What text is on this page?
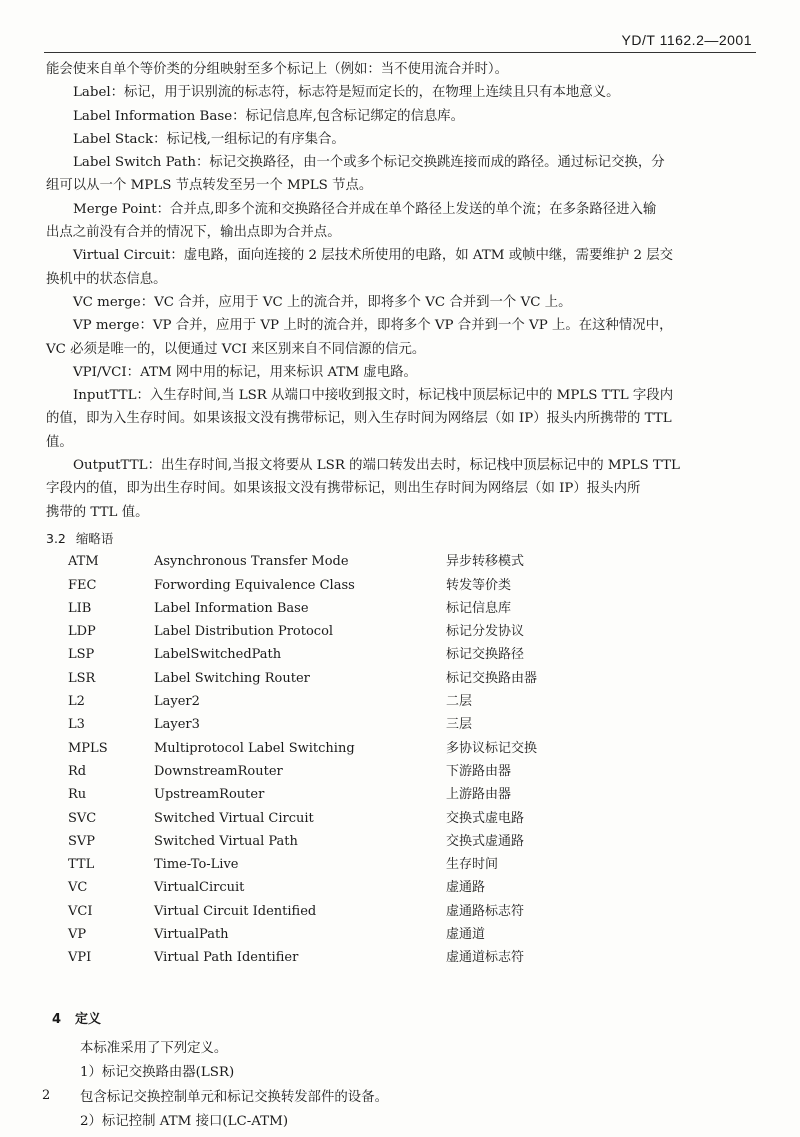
YD/T 1162.2—2001

能会使来自单个等价类的分组映射至多个标记上（例如：当不使用流合并时）。

Label：标记，用于识别流的标志符，标志符是短而定长的，在物理上连续且只有本地意义。

Label Information Base：标记信息库,包含标记绑定的信息库。

Label Stack：标记栈,一组标记的有序集合。

Label Switch Path：标记交换路径，由一个或多个标记交换跳连接而成的路径。通过标记交换，分

组可以从一个 MPLS 节点转发至另一个 MPLS 节点。

Merge Point：合并点,即多个流和交换路径合并成在单个路径上发送的单个流；在多条路径进入输

出点之前没有合并的情况下，输出点即为合并点。

Virtual Circuit：虚电路，面向连接的 2 层技术所使用的电路，如 ATM 或帧中继，需要维护 2 层交

换机中的状态信息。

VC merge：VC 合并，应用于 VC 上的流合并，即将多个 VC 合并到一个 VC 上。

VP merge：VP 合并，应用于 VP 上时的流合并，即将多个 VP 合并到一个 VP 上。在这种情况中，

VC 必须是唯一的，以便通过 VCI 来区别来自不同信源的信元。

VPI/VCI：ATM 网中用的标记，用来标识 ATM 虚电路。

InputTTL：入生存时间,当 LSR 从端口中接收到报文时，标记栈中顶层标记中的 MPLS TTL 字段内

的值，即为入生存时间。如果该报文没有携带标记，则入生存时间为网络层（如 IP）报头内所携带的 TTL

值。

OutputTTL：出生存时间,当报文将要从 LSR 的端口转发出去时，标记栈中顶层标记中的 MPLS TTL

字段内的值，即为出生存时间。如果该报文没有携带标记，则出生存时间为网络层（如 IP）报头内所

携带的 TTL 值。

3.2 缩略语
ATM	Asynchronous Transfer Mode	异步转移模式
FEC	Forwording Equivalence Class	转发等价类
LIB	Label Information Base	标记信息库
LDP	Label Distribution Protocol	标记分发协议
LSP	LabelSwitchedPath	标记交换路径
LSR	Label Switching Router	标记交换路由器
L2	Layer2	二层
L3	Layer3	三层
MPLS	Multiprotocol Label Switching	多协议标记交换
Rd	DownstreamRouter	下游路由器
Ru	UpstreamRouter	上游路由器
SVC	Switched Virtual Circuit	交换式虚电路
SVP	Switched Virtual Path	交换式虚通路
TTL	Time-To-Live	生存时间
VC	VirtualCircuit	虚通路
VCI	Virtual Circuit Identified	虚通路标志符
VP	VirtualPath	虚通道
VPI	Virtual Path Identifier	虚通道标志符
4 定义

本标准采用了下列定义。

1）标记交换路由器(LSR)

包含标记交换控制单元和标记交换转发部件的设备。

2）标记控制 ATM 接口(LC-ATM)

2
